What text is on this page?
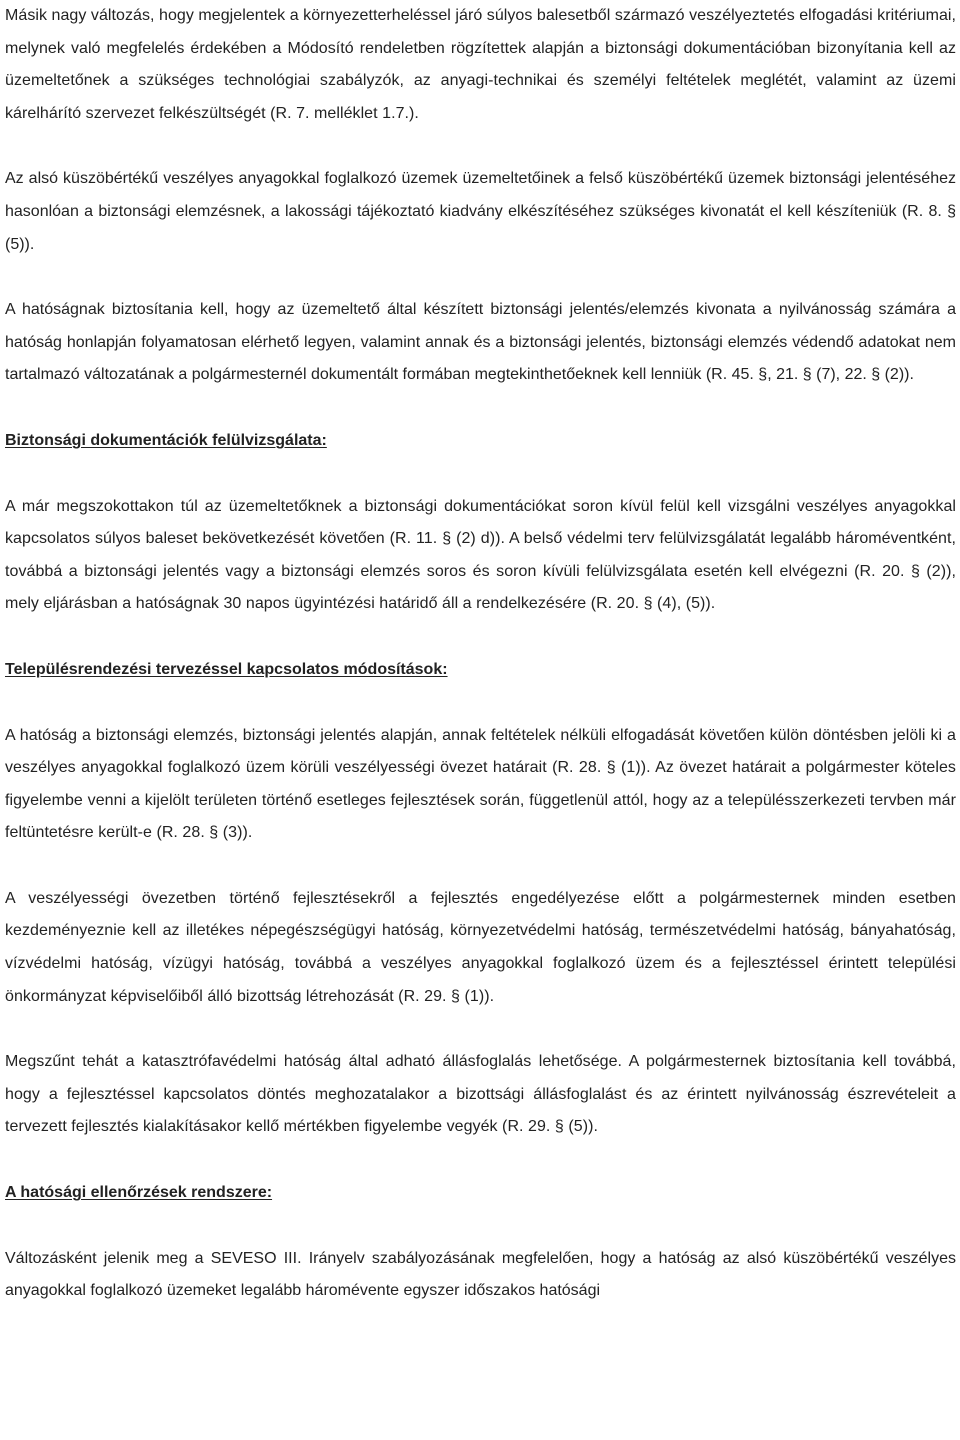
Másik nagy változás, hogy megjelentek a környezetterheléssel járó súlyos balesetből származó veszélyeztetés elfogadási kritériumai, melynek való megfelelés érdekében a Módosító rendeletben rögzítettek alapján a biztonsági dokumentációban bizonyítania kell az üzemeltetőnek a szükséges technológiai szabályzók, az anyagi-technikai és személyi feltételek meglétét, valamint az üzemi kárelhárító szervezet felkészültségét (R. 7. melléklet 1.7.).

Az alsó küszöbértékű veszélyes anyagokkal foglalkozó üzemek üzemeltetőinek a felső küszöbértékű üzemek biztonsági jelentéséhez hasonlóan a biztonsági elemzésnek, a lakossági tájékoztató kiadvány elkészítéséhez szükséges kivonatát el kell készíteniük (R. 8. § (5)).

A hatóságnak biztosítania kell, hogy az üzemeltető által készített biztonsági jelentés/elemzés kivonata a nyilvánosság számára a hatóság honlapján folyamatosan elérhető legyen, valamint annak és a biztonsági jelentés, biztonsági elemzés védendő adatokat nem tartalmazó változatának a polgármesternél dokumentált formában megtekinthetőeknek kell lenniük (R. 45. §, 21. § (7), 22. § (2)).

Biztonsági dokumentációk felülvizsgálata:

A már megszokottakon túl az üzemeltetőknek a biztonsági dokumentációkat soron kívül felül kell vizsgálni veszélyes anyagokkal kapcsolatos súlyos baleset bekövetkezését követően (R. 11. § (2) d)). A belső védelmi terv felülvizsgálatát legalább hároméventként, továbbá a biztonsági jelentés vagy a biztonsági elemzés soros és soron kívüli felülvizsgálata esetén kell elvégezni (R. 20. § (2)), mely eljárásban a hatóságnak 30 napos ügyintézési határidő áll a rendelkezésére (R. 20. § (4), (5)).

Településrendezési tervezéssel kapcsolatos módosítások:

A hatóság a biztonsági elemzés, biztonsági jelentés alapján, annak feltételek nélküli elfogadását követően külön döntésben jelöli ki a veszélyes anyagokkal foglalkozó üzem körüli veszélyességi övezet határait (R. 28. § (1)). Az övezet határait a polgármester köteles figyelembe venni a kijelölt területen történő esetleges fejlesztések során, függetlenül attól, hogy az a településszerkezeti tervben már feltüntetésre került-e (R. 28. § (3)).

A veszélyességi övezetben történő fejlesztésekről a fejlesztés engedélyezése előtt a polgármesternek minden esetben kezdeményeznie kell az illetékes népegészségügyi hatóság, környezetvédelmi hatóság, természetvédelmi hatóság, bányahatóság, vízvédelmi hatóság, vízügyi hatóság, továbbá a veszélyes anyagokkal foglalkozó üzem és a fejlesztéssel érintett települési önkormányzat képviselőiből álló bizottság létrehozását (R. 29. § (1)).

Megszűnt tehát a katasztrófavédelmi hatóság által adható állásfoglalás lehetősége. A polgármesternek biztosítania kell továbbá, hogy a fejlesztéssel kapcsolatos döntés meghozatalakor a bizottsági állásfoglalást és az érintett nyilvánosság észrevételeit a tervezett fejlesztés kialakításakor kellő mértékben figyelembe vegyék (R. 29. § (5)).

A hatósági ellenőrzések rendszere:

Változásként jelenik meg a SEVESO III. Irányelv szabályozásának megfelelően, hogy a hatóság az alsó küszöbértékű veszélyes anyagokkal foglalkozó üzemeket legalább háromévente egyszer időszakos hatósági
